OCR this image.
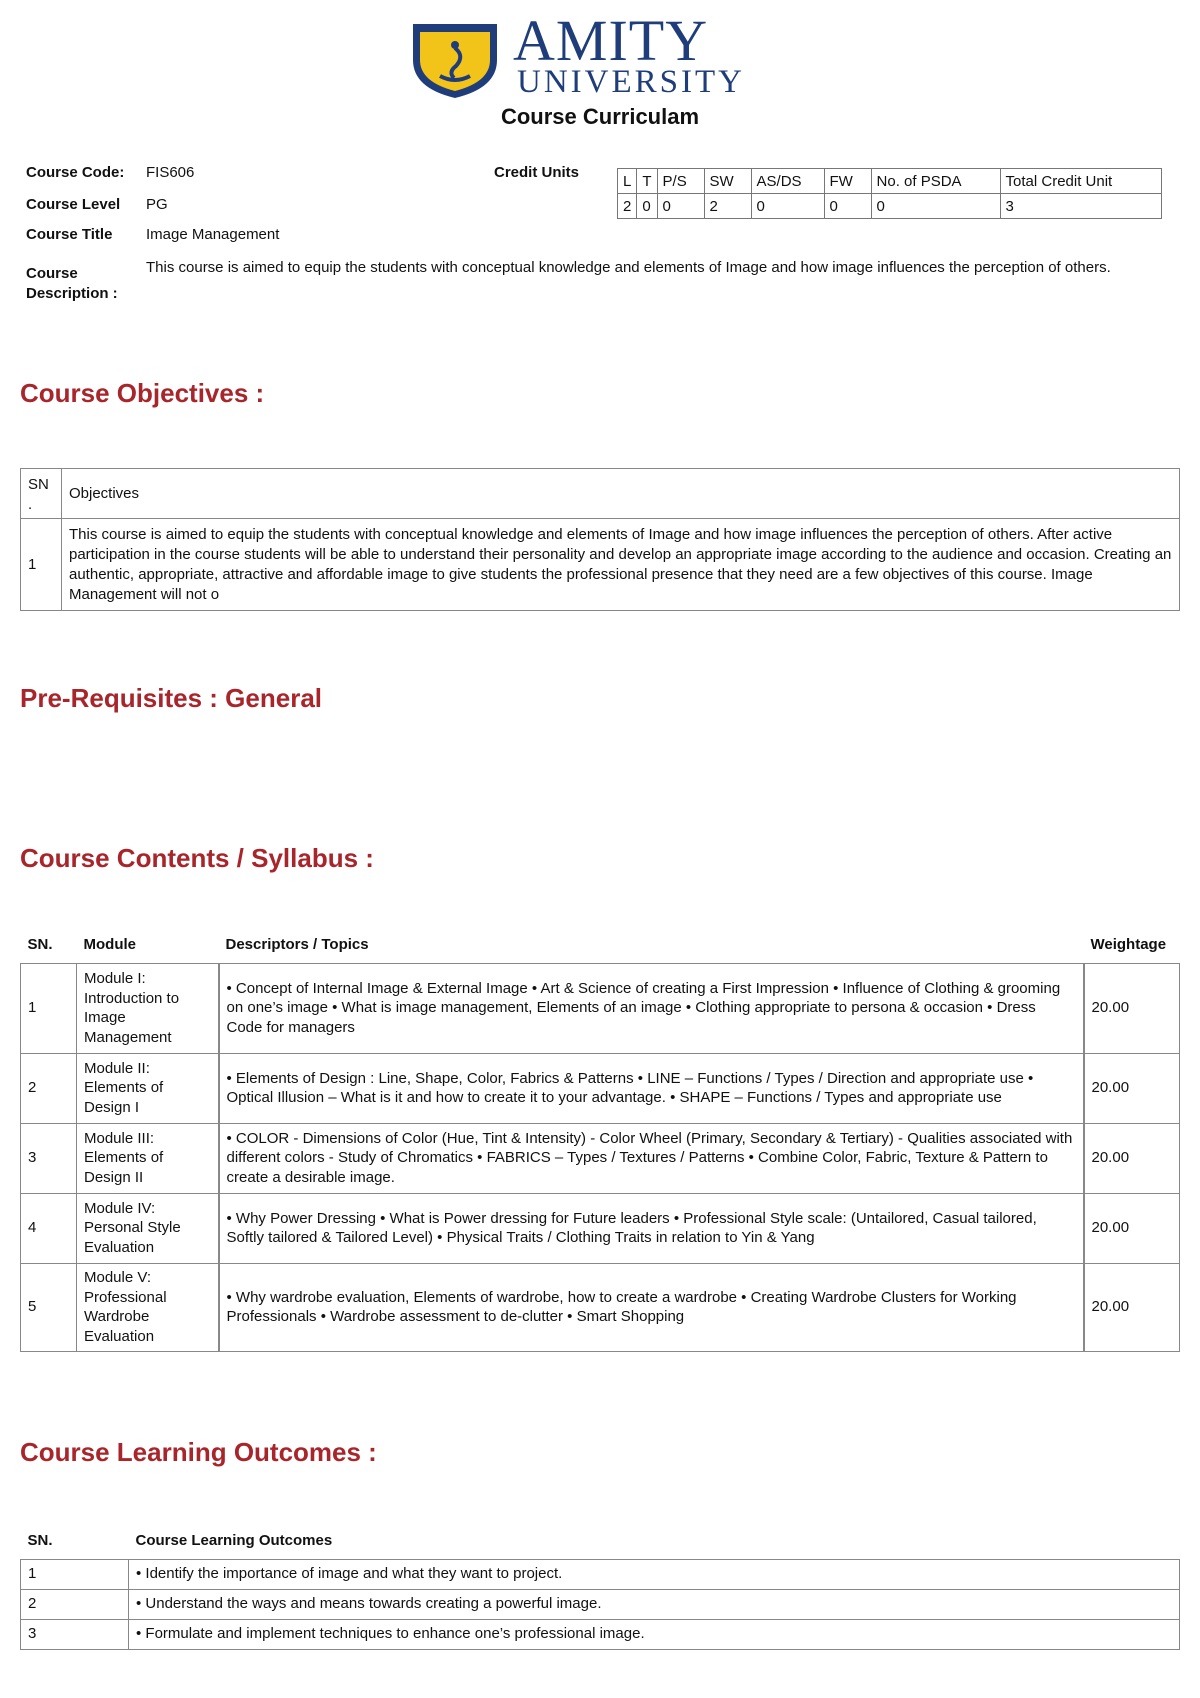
AMITY
UNIVERSITY
Course Curriculam
Course Code: FIS606
Course Level PG
Course Title Image Management
Course
Description :
This course is aimed to equip the students with conceptual knowledge and elements of Image and how image influences the perception of others.
Credit Units	L	T	P/S	SW	AS/DS	FW	No. of PSDA	Total Credit Unit
2	0	0	2	0	0	0	3
Course Objectives :
SN .	Objectives
1	This course is aimed to equip the students with conceptual knowledge and elements of Image and how image influences the perception of others. After active participation in the course students will be able to understand their personality and develop an appropriate image according to the audience and occasion. Creating an authentic, appropriate, attractive and affordable image to give students the professional presence that they need are a few objectives of this course. Image Management will not o
Pre-Requisites : General
Course Contents / Syllabus :
SN.	Module	Descriptors / Topics	Weightage
1	Module I: Introduction to Image Management	• Concept of Internal Image & External Image • Art & Science of creating a First Impression • Influence of Clothing & grooming on one’s image • What is image management, Elements of an image • Clothing appropriate to persona & occasion • Dress Code for managers	20.00
2	Module II: Elements of Design I	• Elements of Design : Line, Shape, Color, Fabrics & Patterns • LINE – Functions / Types / Direction and appropriate use • Optical Illusion – What is it and how to create it to your advantage. • SHAPE – Functions / Types and appropriate use	20.00
3	Module III: Elements of Design II	• COLOR - Dimensions of Color (Hue, Tint & Intensity) - Color Wheel (Primary, Secondary & Tertiary) - Qualities associated with different colors - Study of Chromatics • FABRICS – Types / Textures / Patterns • Combine Color, Fabric, Texture & Pattern to create a desirable image.	20.00
4	Module IV: Personal Style Evaluation	• Why Power Dressing • What is Power dressing for Future leaders • Professional Style scale: (Untailored, Casual tailored, Softly tailored & Tailored Level) • Physical Traits / Clothing Traits in relation to Yin & Yang	20.00
5	Module V: Professional Wardrobe Evaluation	• Why wardrobe evaluation, Elements of wardrobe, how to create a wardrobe • Creating Wardrobe Clusters for Working Professionals • Wardrobe assessment to de-clutter • Smart Shopping	20.00
Course Learning Outcomes :
SN.	Course Learning Outcomes
1	• Identify the importance of image and what they want to project.
2	• Understand the ways and means towards creating a powerful image.
3	• Formulate and implement techniques to enhance one’s professional image.
